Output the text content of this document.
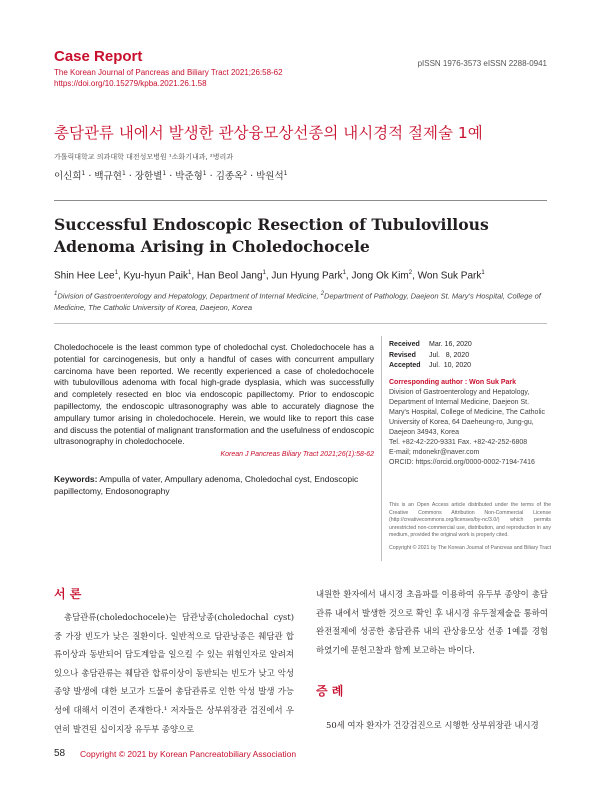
Case Report
The Korean Journal of Pancreas and Biliary Tract 2021;26:58-62
https://doi.org/10.15279/kpba.2021.26.1.58
pISSN 1976-3573 eISSN 2288-0941
총담관류 내에서 발생한 관상융모상선종의 내시경적 절제술 1예
가톨릭대학교 의과대학 대전성모병원 ¹소화기내과, ²병리과
이신희$^1$ · 백규현$^1$ · 장한별$^1$ · 박준형$^1$ · 김종옥$^2$ · 박원석$^1$
Successful Endoscopic Resection of Tubulovillous Adenoma Arising in Choledochocele
Shin Hee Lee$^1$, Kyu-hyun Paik$^1$, Han Beol Jang$^1$, Jun Hyung Park$^1$, Jong Ok Kim$^2$, Won Suk Park$^1$
$^1$Division of Gastroenterology and Hepatology, Department of Internal Medicine, $^2$Department of Pathology, Daejeon St. Mary's Hospital, College of Medicine, The Catholic University of Korea, Daejeon, Korea
Choledochocele is the least common type of choledochal cyst. Choledochocele has a potential for carcinogenesis, but only a handful of cases with concurrent ampullary carcinoma have been reported. We recently experienced a case of choledochocele with tubulovillous adenoma with focal high-grade dysplasia, which was successfully and completely resected en bloc via endoscopic papillectomy. Prior to endoscopic papillectomy, the endoscopic ultrasonography was able to accurately diagnose the ampullary tumor arising in choledochocele. Herein, we would like to report this case and discuss the potential of malignant transformation and the usefulness of endoscopic ultrasonography in choledochocele.
Korean J Pancreas Biliary Tract 2021;26(1):58-62
Keywords: Ampulla of vater, Ampullary adenoma, Choledochal cyst, Endoscopic papillectomy, Endosonography
Received Mar. 16, 2020
Revised Jul.   8, 2020
Accepted Jul.  10, 2020
Corresponding author : Won Suk Park
Division of Gastroenterology and Hepatology,
Department of Internal Medicine, Daejeon St.
Mary's Hospital, College of Medicine, The Catholic
University of Korea, 64 Daeheung-ro, Jung-gu,
Daejeon 34943, Korea
Tel. +82-42-220-9331 Fax. +82-42-252-6808
E-mail; mdonekr@naver.com
ORCID: https://orcid.org/0000-0002-7194-7416
This is an Open Access article distributed under the terms of the Creative Commons Attribution Non-Commercial License (http://creativecommons.org/licenses/by-nc/3.0/) which permits unrestricted non-commercial use, distribution, and reproduction in any medium, provided the original work is properly cited.
Copyright © 2021 by The Korean Journal of Pancreas and Biliary Tract
서 론
총담관류(choledochocele)는 담관낭종(choledochal cyst) 중 가장 빈도가 낮은 질환이다. 일반적으로 담관낭종은 췌담관 합류이상과 동반되어 담도계암을 일으킬 수 있는 위험인자로 알려져 있으나 총담관류는 췌담관 합류이상이 동반되는 빈도가 낮고 악성 종양 발생에 대한 보고가 드물어 총담관류로 인한 악성 발생 가능성에 대해서 이견이 존재한다.¹ 저자들은 상부위장관 검진에서 우연히 발견된 십이지장 유두부 종양으로
내원한 환자에서 내시경 초음파를 이용하여 유두부 종양이 총담관류 내에서 발생한 것으로 확인 후 내시경 유두절제술을 통하여 완전절제에 성공한 총담관류 내의 관상융모상 선종 1예를 경험하였기에 문헌고찰과 함께 보고하는 바이다.
증 례
50세 여자 환자가 건강검진으로 시행한 상부위장관 내시경
58 Copyright © 2021 by Korean Pancreatobiliary Association
